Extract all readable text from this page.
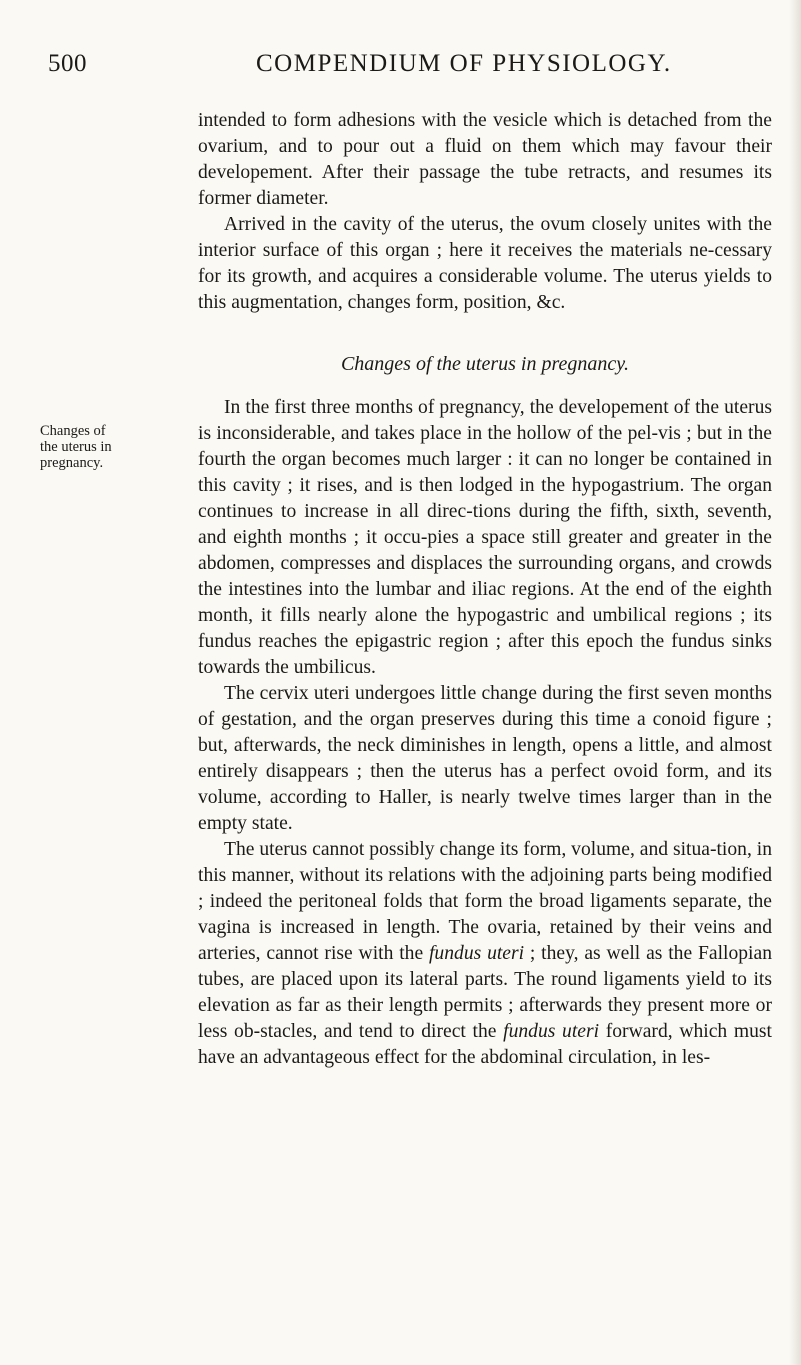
500	COMPENDIUM OF PHYSIOLOGY.
Changes of
the uterus in
pregnancy.

intended to form adhesions with the vesicle which is detached from the ovarium, and to pour out a fluid on them which may favour their developement. After their passage the tube retracts, and resumes its former diameter.

Arrived in the cavity of the uterus, the ovum closely unites with the interior surface of this organ ; here it receives the materials ne-cessary for its growth, and acquires a considerable volume. The uterus yields to this augmentation, changes form, position, &c.

Changes of the uterus in pregnancy.

In the first three months of pregnancy, the developement of the uterus is inconsiderable, and takes place in the hollow of the pel-vis ; but in the fourth the organ becomes much larger : it can no longer be contained in this cavity ; it rises, and is then lodged in the hypogastrium. The organ continues to increase in all direc-tions during the fifth, sixth, seventh, and eighth months ; it occu-pies a space still greater and greater in the abdomen, compresses and displaces the surrounding organs, and crowds the intestines into the lumbar and iliac regions. At the end of the eighth month, it fills nearly alone the hypogastric and umbilical regions ; its fundus reaches the epigastric region ; after this epoch the fundus sinks towards the umbilicus.

The cervix uteri undergoes little change during the first seven months of gestation, and the organ preserves during this time a conoid figure ; but, afterwards, the neck diminishes in length, opens a little, and almost entirely disappears ; then the uterus has a perfect ovoid form, and its volume, according to Haller, is nearly twelve times larger than in the empty state.

The uterus cannot possibly change its form, volume, and situa-tion, in this manner, without its relations with the adjoining parts being modified ; indeed the peritoneal folds that form the broad ligaments separate, the vagina is increased in length. The ovaria, retained by their veins and arteries, cannot rise with the fundus uteri ; they, as well as the Fallopian tubes, are placed upon its lateral parts. The round ligaments yield to its elevation as far as their length permits ; afterwards they present more or less ob-stacles, and tend to direct the fundus uteri forward, which must have an advantageous effect for the abdominal circulation, in les-
